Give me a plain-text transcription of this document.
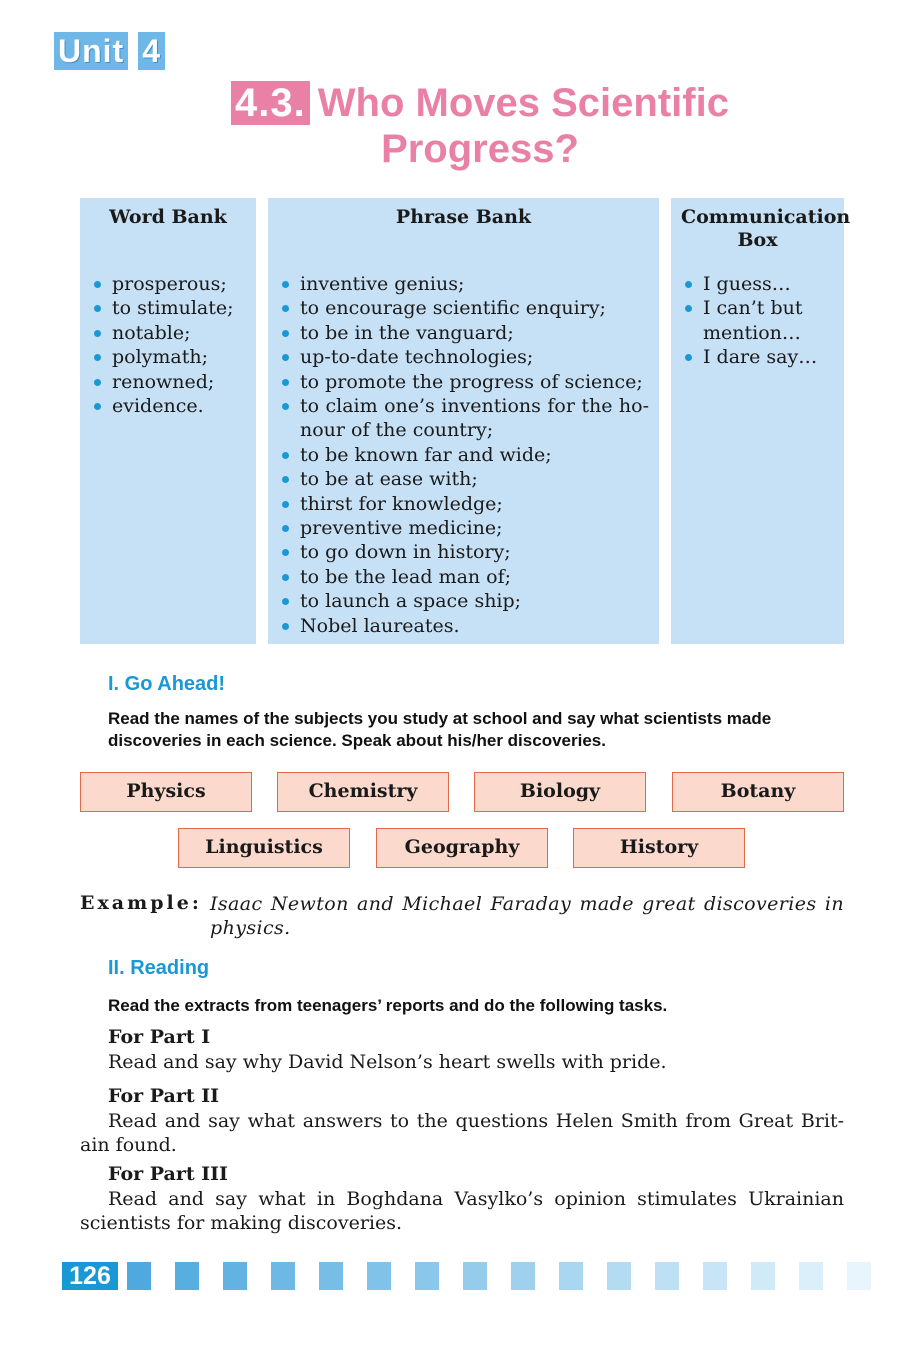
Unit 4
4.3. Who Moves Scientific
Progress?
Word Bank
prosperous;
to stimulate;
notable;
polymath;
renowned;
evidence.
Phrase Bank
inventive genius;
to encourage scientific enquiry;
to be in the vanguard;
up-to-date technologies;
to promote the progress of science;
to claim one’s inventions for the ho-nour of the country;
to be known far and wide;
to be at ease with;
thirst for knowledge;
preventive medicine;
to go down in history;
to be the lead man of;
to launch a space ship;
Nobel laureates.
Communication Box
I guess…
I can’t but mention…
I dare say…
I. Go Ahead!
Read the names of the subjects you study at school and say what scientists made discoveries in each science. Speak about his/her discoveries.
Physics	Chemistry	Biology	Botany
Linguistics	Geography	History
Example: Isaac Newton and Michael Faraday made great discoveries in physics.
II. Reading
Read the extracts from teenagers’ reports and do the following tasks.
For Part I
Read and say why David Nelson’s heart swells with pride.
For Part II
Read and say what answers to the questions Helen Smith from Great Brit-ain found.
For Part III
Read and say what in Boghdana Vasylko’s opinion stimulates Ukrainian scientists for making discoveries.
126
